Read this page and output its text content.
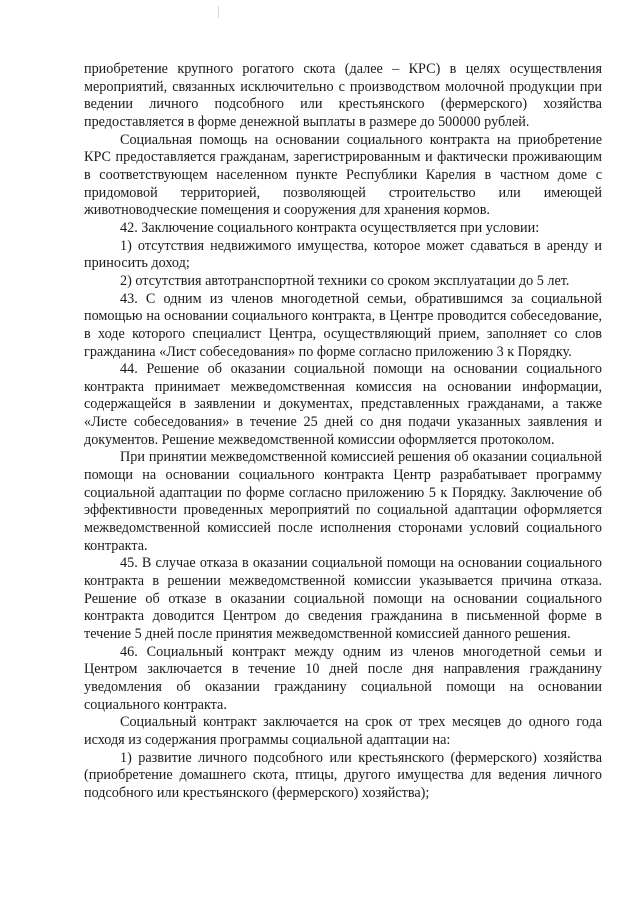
приобретение крупного рогатого скота (далее – КРС) в целях осуществления мероприятий, связанных исключительно с производством молочной продукции при ведении личного подсобного или крестьянского (фермерского) хозяйства предоставляется в форме денежной выплаты в размере до 500000 рублей.

Социальная помощь на основании социального контракта на приобретение КРС предоставляется гражданам, зарегистрированным и фактически проживающим в соответствующем населенном пункте Республики Карелия в частном доме с придомовой территорией, позволяющей строительство или имеющей животноводческие помещения и сооружения для хранения кормов.

42. Заключение социального контракта осуществляется при условии:

1) отсутствия недвижимого имущества, которое может сдаваться в аренду и приносить доход;

2) отсутствия автотранспортной техники со сроком эксплуатации до 5 лет.

43. С одним из членов многодетной семьи, обратившимся за социальной помощью на основании социального контракта, в Центре проводится собеседование, в ходе которого специалист Центра, осуществляющий прием, заполняет со слов гражданина «Лист собеседования» по форме согласно приложению 3 к Порядку.

44. Решение об оказании социальной помощи на основании социального контракта принимает межведомственная комиссия на основании информации, содержащейся в заявлении и документах, представленных гражданами, а также «Листе собеседования» в течение 25 дней со дня подачи указанных заявления и документов. Решение межведомственной комиссии оформляется протоколом.

При принятии межведомственной комиссией решения об оказании социальной помощи на основании социального контракта Центр разрабатывает программу социальной адаптации по форме согласно приложению 5 к Порядку. Заключение об эффективности проведенных мероприятий по социальной адаптации оформляется межведомственной комиссией после исполнения сторонами условий социального контракта.

45. В случае отказа в оказании социальной помощи на основании социального контракта в решении межведомственной комиссии указывается причина отказа. Решение об отказе в оказании социальной помощи на основании социального контракта доводится Центром до сведения гражданина в письменной форме в течение 5 дней после принятия межведомственной комиссией данного решения.

46. Социальный контракт между одним из членов многодетной семьи и Центром заключается в течение 10 дней после дня направления гражданину уведомления об оказании гражданину социальной помощи на основании социального контракта.

Социальный контракт заключается на срок от трех месяцев до одного года исходя из содержания программы социальной адаптации на:

1) развитие личного подсобного или крестьянского (фермерского) хозяйства (приобретение домашнего скота, птицы, другого имущества для ведения личного подсобного или крестьянского (фермерского) хозяйства);
